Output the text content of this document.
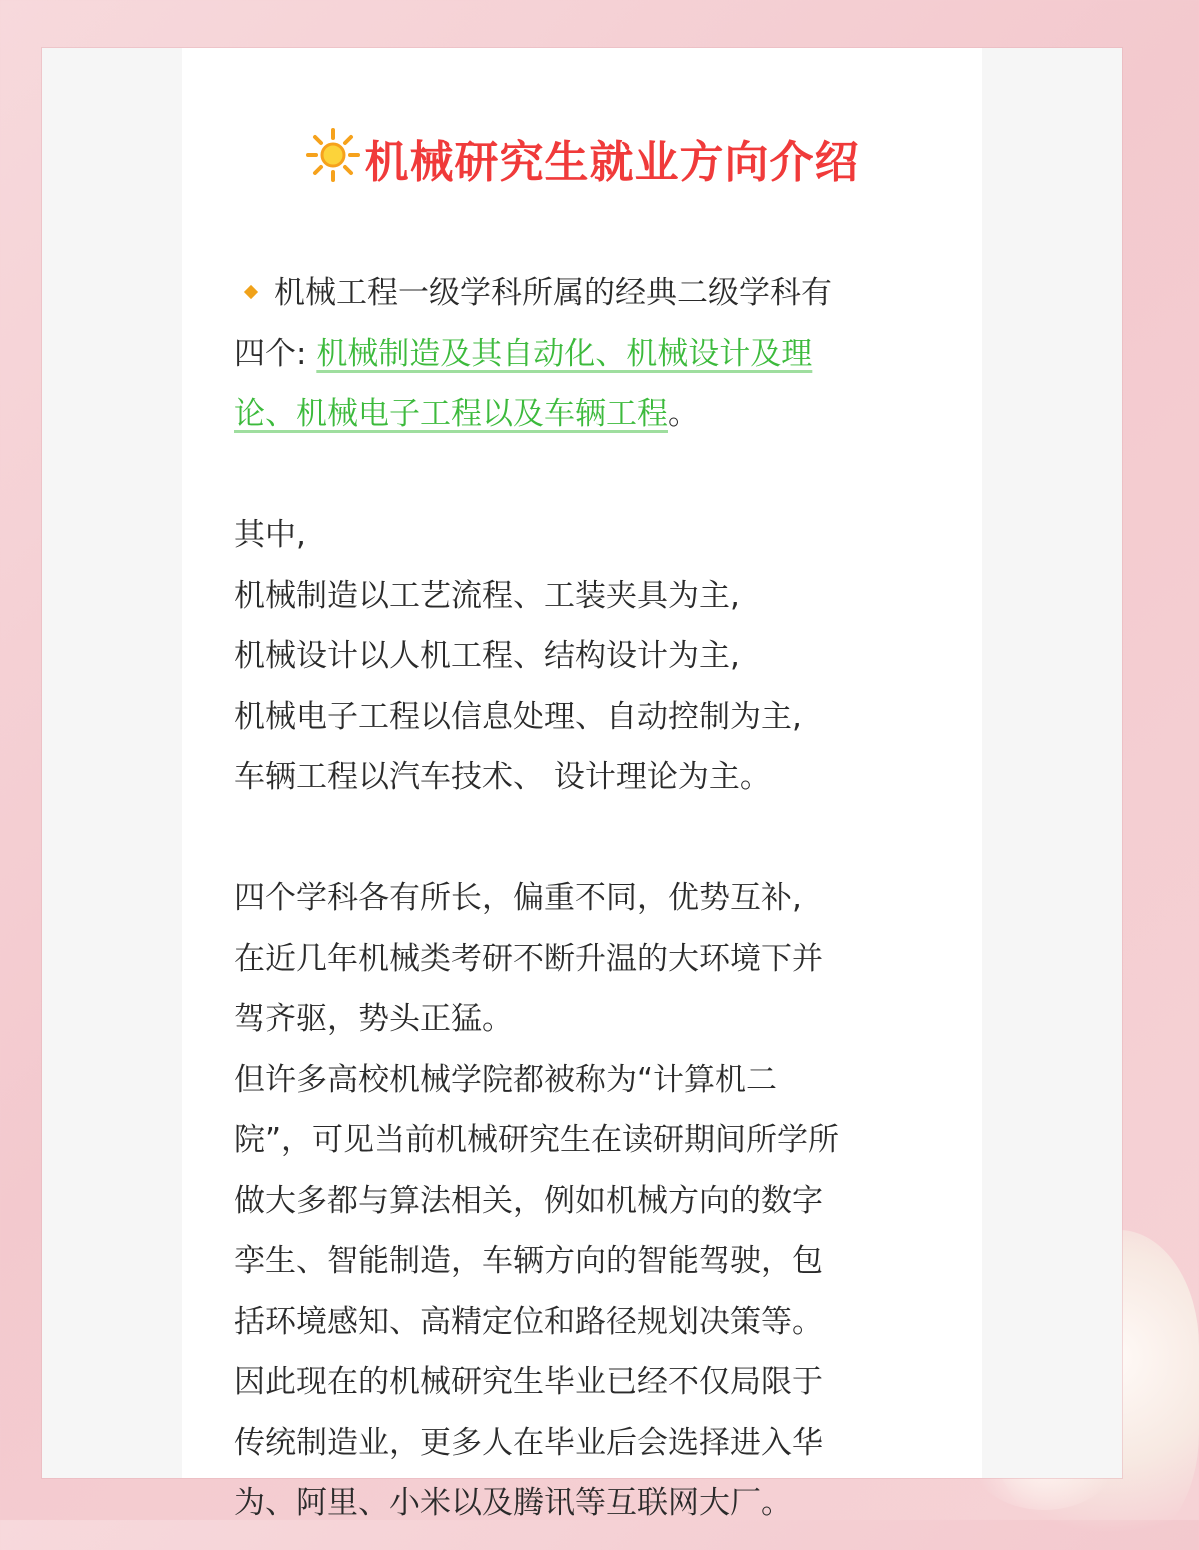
机械研究生就业方向介绍
机械工程一级学科所属的经典二级学科有
四个: 机械制造及其自动化、机械设计及理
论、机械电子工程以及车辆工程。
其中,
机械制造以工艺流程、工装夹具为主,
机械设计以人机工程、结构设计为主,
机械电子工程以信息处理、自动控制为主,
车辆工程以汽车技术、 设计理论为主。
四个学科各有所长，偏重不同，优势互补,
在近几年机械类考研不断升温的大环境下并
驾齐驱，势头正猛。
但许多高校机械学院都被称为“计算机二
院”，可见当前机械研究生在读研期间所学所
做大多都与算法相关，例如机械方向的数字
孪生、智能制造，车辆方向的智能驾驶，包
括环境感知、高精定位和路径规划决策等。
因此现在的机械研究生毕业已经不仅局限于
传统制造业，更多人在毕业后会选择进入华
为、阿里、小米以及腾讯等互联网大厂。
